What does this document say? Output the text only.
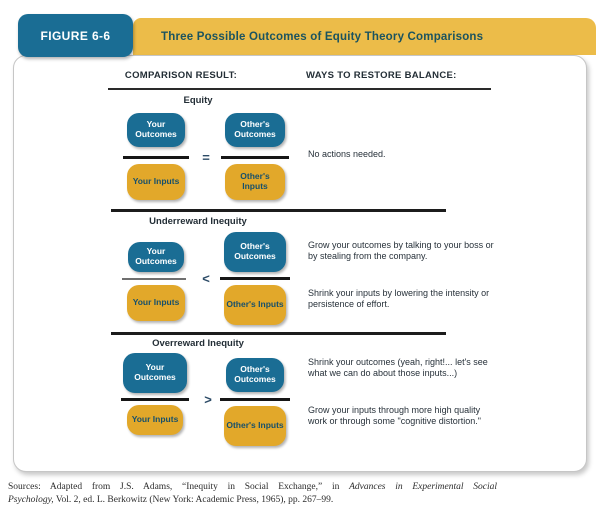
Three Possible Outcomes of Equity Theory Comparisons
FIGURE 6-6
COMPARISON RESULT:	WAYS TO RESTORE BALANCE:
Equity
Your Outcomes
Your Inputs
=
Other's Outcomes
Other's Inputs
No actions needed.
Underreward Inequity
Your Outcomes
Your Inputs
<
Other's Outcomes
Other's Inputs
Grow your outcomes by talking to your boss or by stealing from the company.
Shrink your inputs by lowering the intensity or persistence of effort.
Overreward Inequity
Your Outcomes
Your Inputs
>
Other's Outcomes
Other's Inputs
Shrink your outcomes (yeah, right!... let's see what we can do about those inputs...)
Grow your inputs through more high quality work or through some "cognitive distortion."
Sources: Adapted from J.S. Adams, “Inequity in Social Exchange,” in Advances in Experimental Social
Psychology, Vol. 2, ed. L. Berkowitz (New York: Academic Press, 1965), pp. 267–99.
